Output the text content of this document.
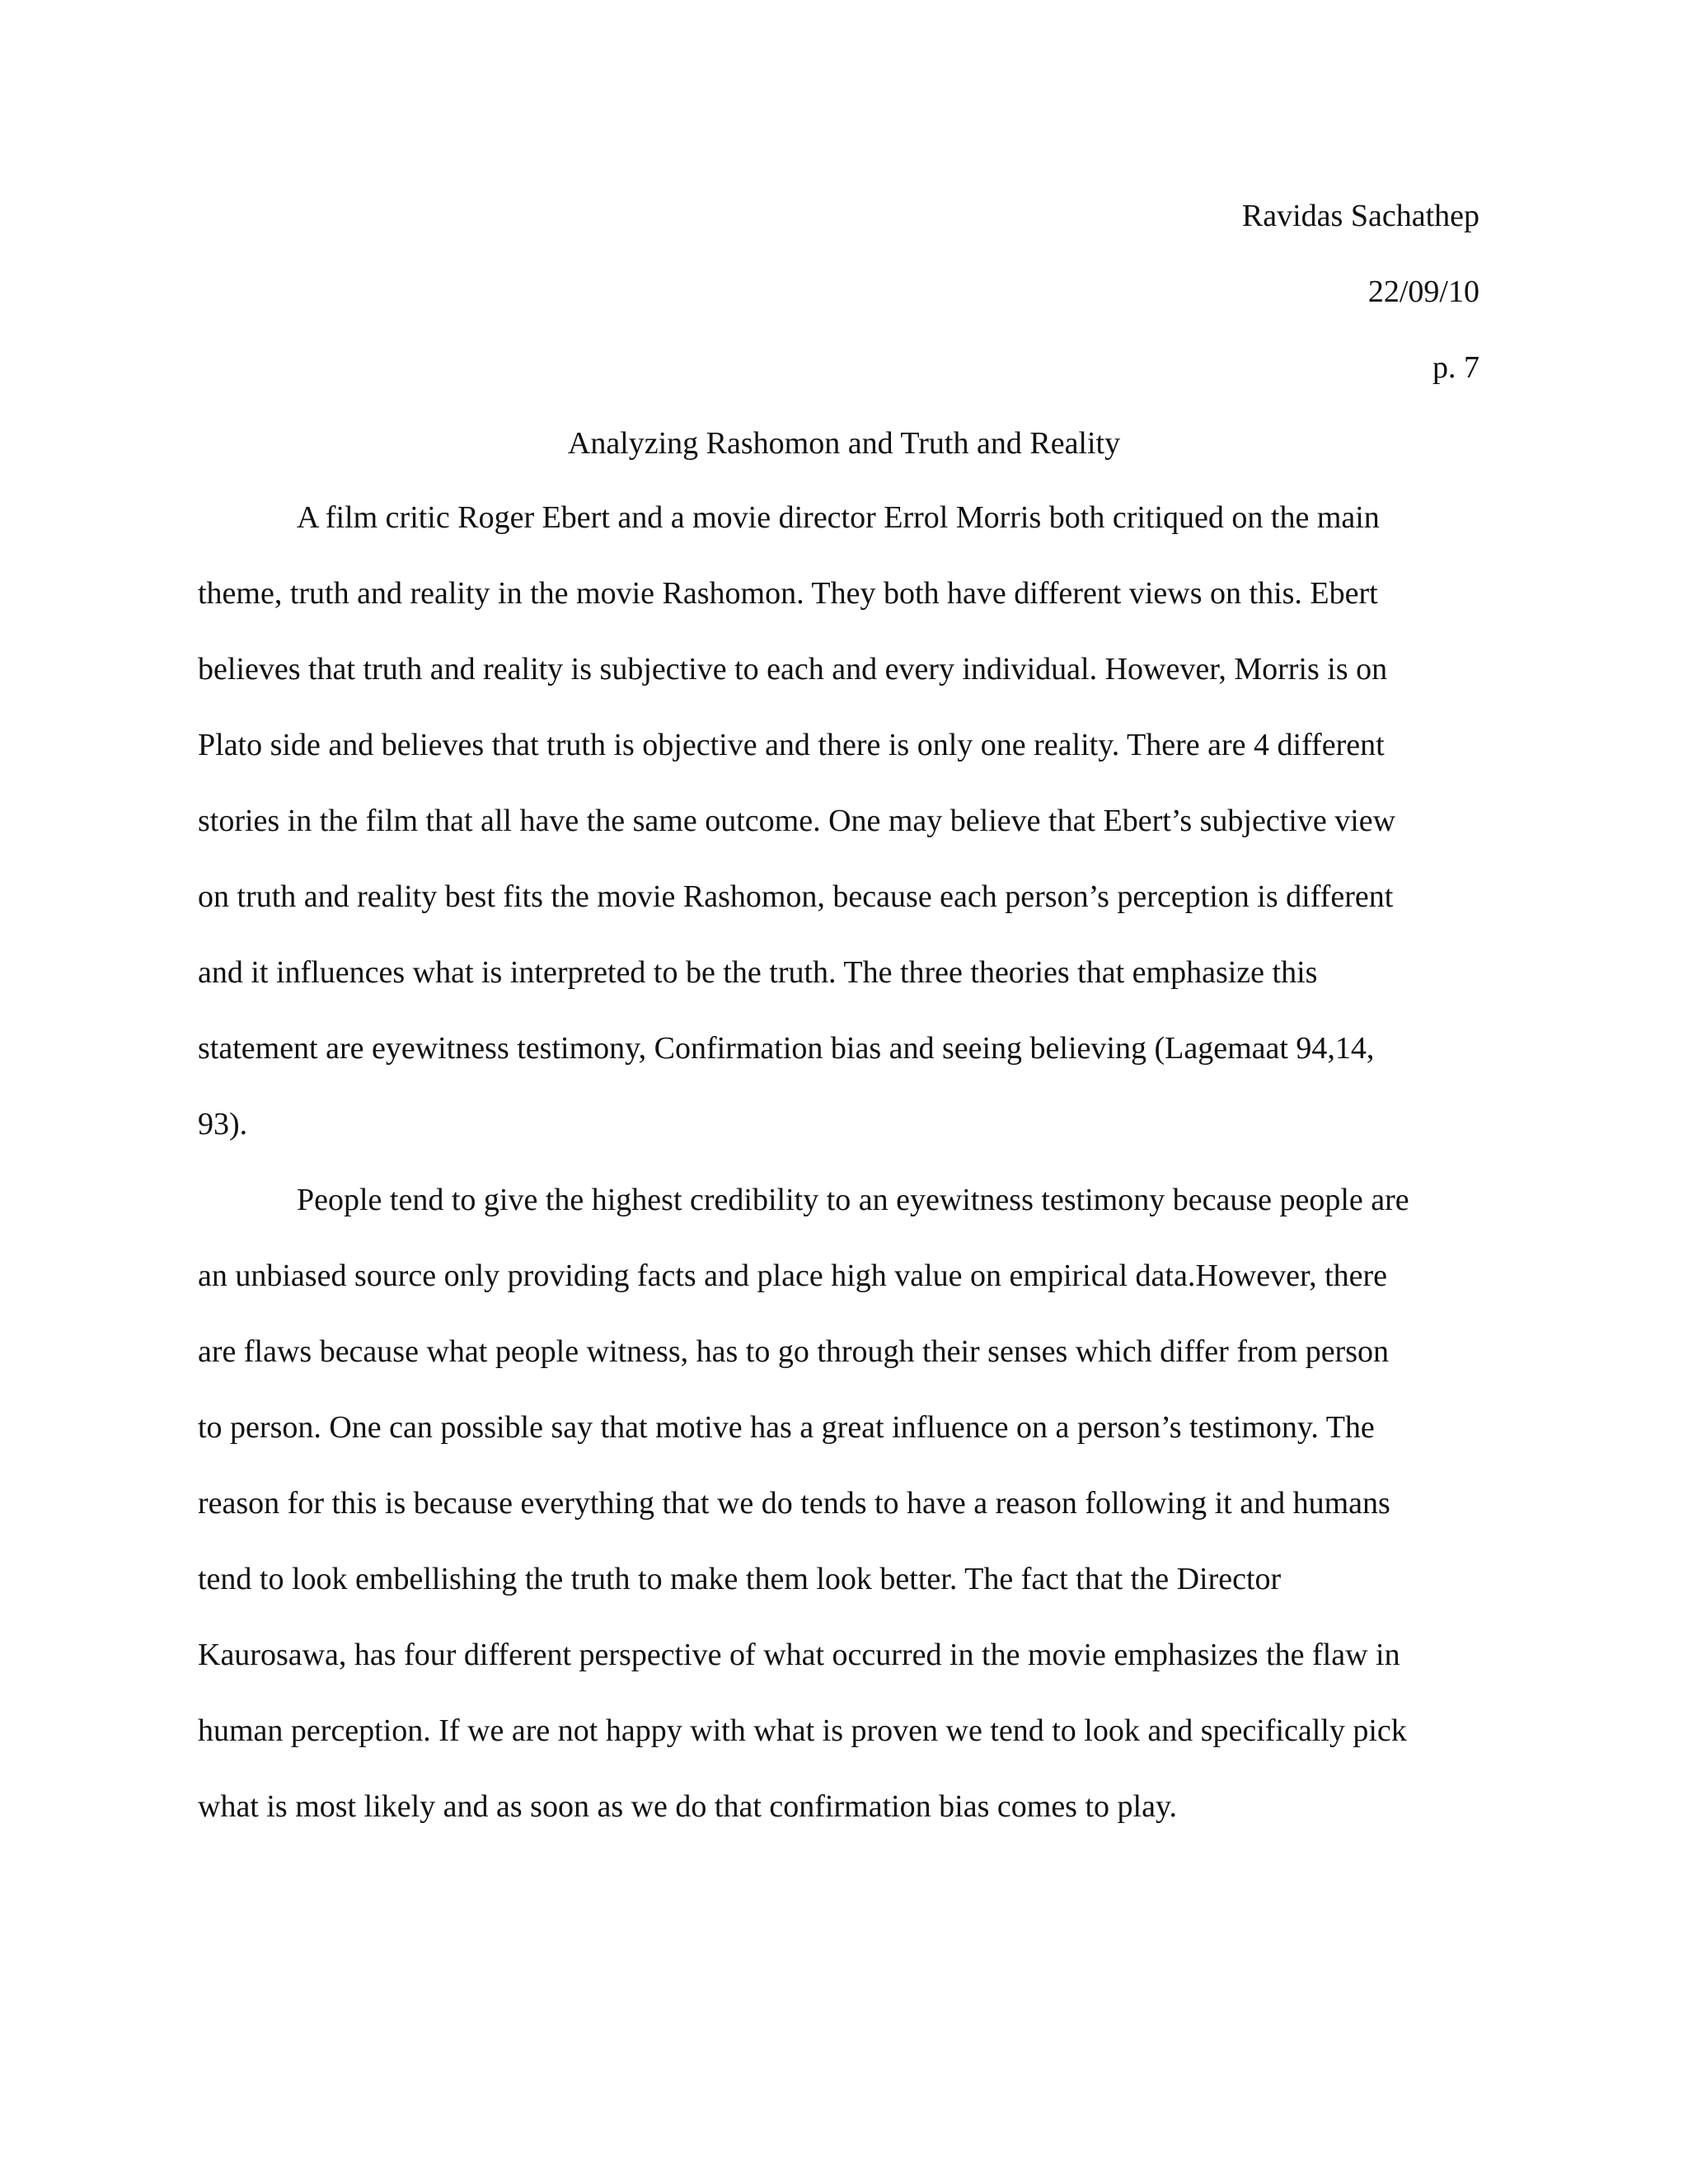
Ravidas Sachathep
22/09/10
p. 7
Analyzing Rashomon and Truth and Reality
A film critic Roger Ebert and a movie director Errol Morris both critiqued on the main
theme, truth and reality in the movie Rashomon. They both have different views on this. Ebert
believes that truth and reality is subjective to each and every individual. However, Morris is on
Plato side and believes that truth is objective and there is only one reality. There are 4 different
stories in the film that all have the same outcome. One may believe that Ebert’s subjective view
on truth and reality best fits the movie Rashomon, because each person’s perception is different
and it influences what is interpreted to be the truth. The three theories that emphasize this
statement are eyewitness testimony, Confirmation bias and seeing believing (Lagemaat 94,14,
93).
People tend to give the highest credibility to an eyewitness testimony because people are
an unbiased source only providing facts and place high value on empirical data.However, there
are flaws because what people witness, has to go through their senses which differ from person
to person. One can possible say that motive has a great influence on a person’s testimony. The
reason for this is because everything that we do tends to have a reason following it and humans
tend to look embellishing the truth to make them look better. The fact that the Director
Kaurosawa, has four different perspective of what occurred in the movie emphasizes the flaw in
human perception. If we are not happy with what is proven we tend to look and specifically pick
what is most likely and as soon as we do that confirmation bias comes to play.
